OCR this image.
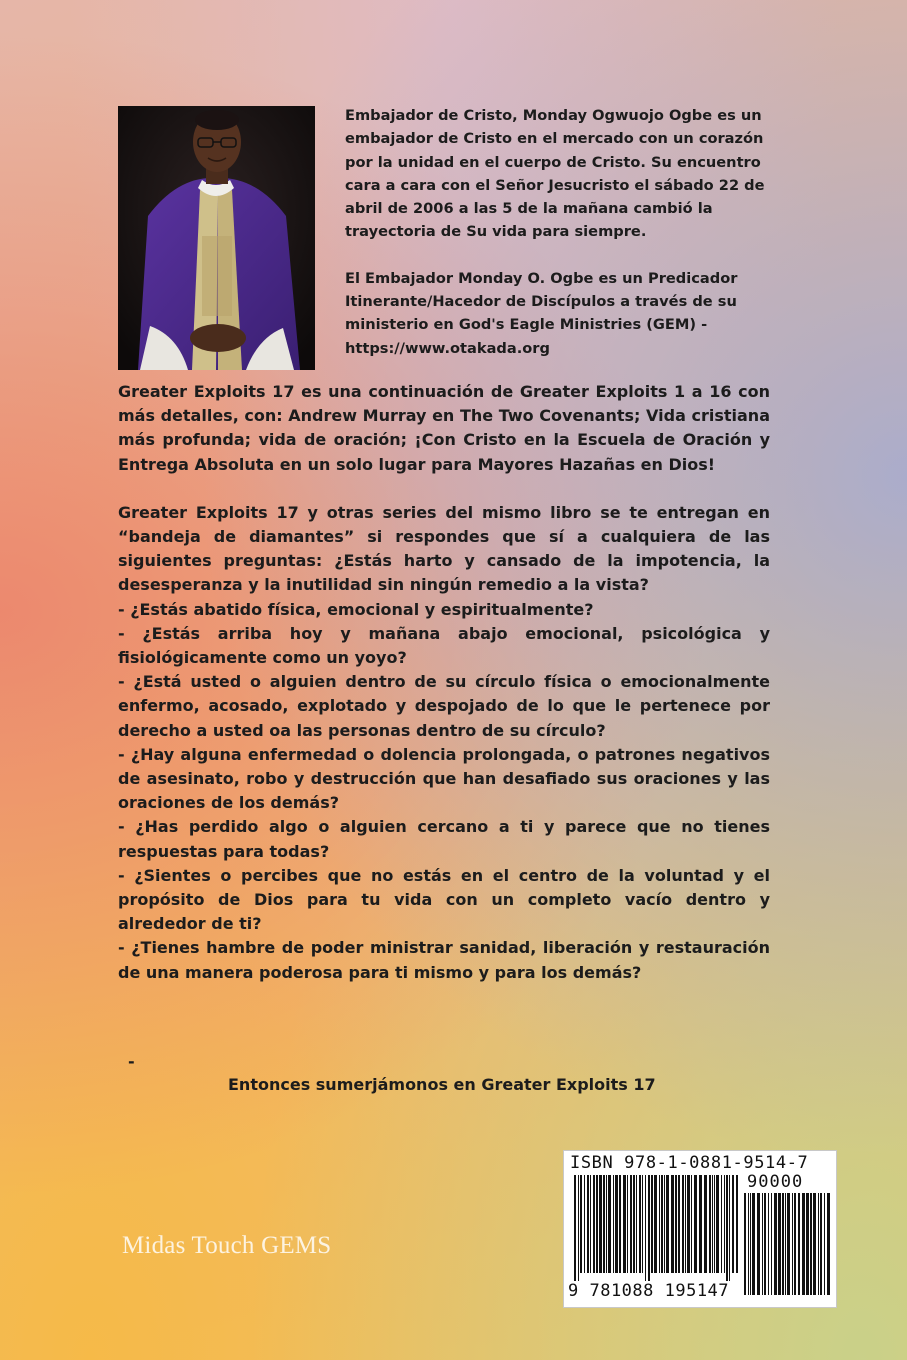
Embajador de Cristo, Monday Ogwuojo Ogbe es un embajador de Cristo en el mercado con un corazón por la unidad en el cuerpo de Cristo. Su encuentro cara a cara con el Señor Jesucristo el sábado 22 de abril de 2006 a las 5 de la mañana cambió la trayectoria de Su vida para siempre.

El Embajador Monday O. Ogbe es un Predicador Itinerante/Hacedor de Discípulos a través de su ministerio en God's Eagle Ministries (GEM) - https://www.otakada.org

Greater Exploits 17 es una continuación de Greater Exploits 1 a 16 con más detalles, con: Andrew Murray en The Two Covenants; Vida cristiana más profunda; vida de oración; ¡Con Cristo en la Escuela de Oración y Entrega Absoluta en un solo lugar para Mayores Hazañas en Dios!

Greater Exploits 17 y otras series del mismo libro se te entregan en “bandeja de diamantes” si respondes que sí a cualquiera de las siguientes preguntas: ¿Estás harto y cansado de la impotencia, la desesperanza y la inutilidad sin ningún remedio a la vista?

- ¿Estás abatido física, emocional y espiritualmente?

- ¿Estás arriba hoy y mañana abajo emocional, psicológica y fisiológicamente como un yoyo?

- ¿Está usted o alguien dentro de su círculo física o emocionalmente enfermo, acosado, explotado y despojado de lo que le pertenece por derecho a usted oa las personas dentro de su círculo?

- ¿Hay alguna enfermedad o dolencia prolongada, o patrones negativos de asesinato, robo y destrucción que han desafiado sus oraciones y las oraciones de los demás?

- ¿Has perdido algo o alguien cercano a ti y parece que no tienes respuestas para todas?

- ¿Sientes o percibes que no estás en el centro de la voluntad y el propósito de Dios para tu vida con un completo vacío dentro y alrededor de ti?

- ¿Tienes hambre de poder ministrar sanidad, liberación y restauración de una manera poderosa para ti mismo y para los demás?

-
Entonces sumerjámonos en Greater Exploits 17
Midas Touch GEMS
ISBN 978-1-0881-9514-7
90000
9 781088 195147
